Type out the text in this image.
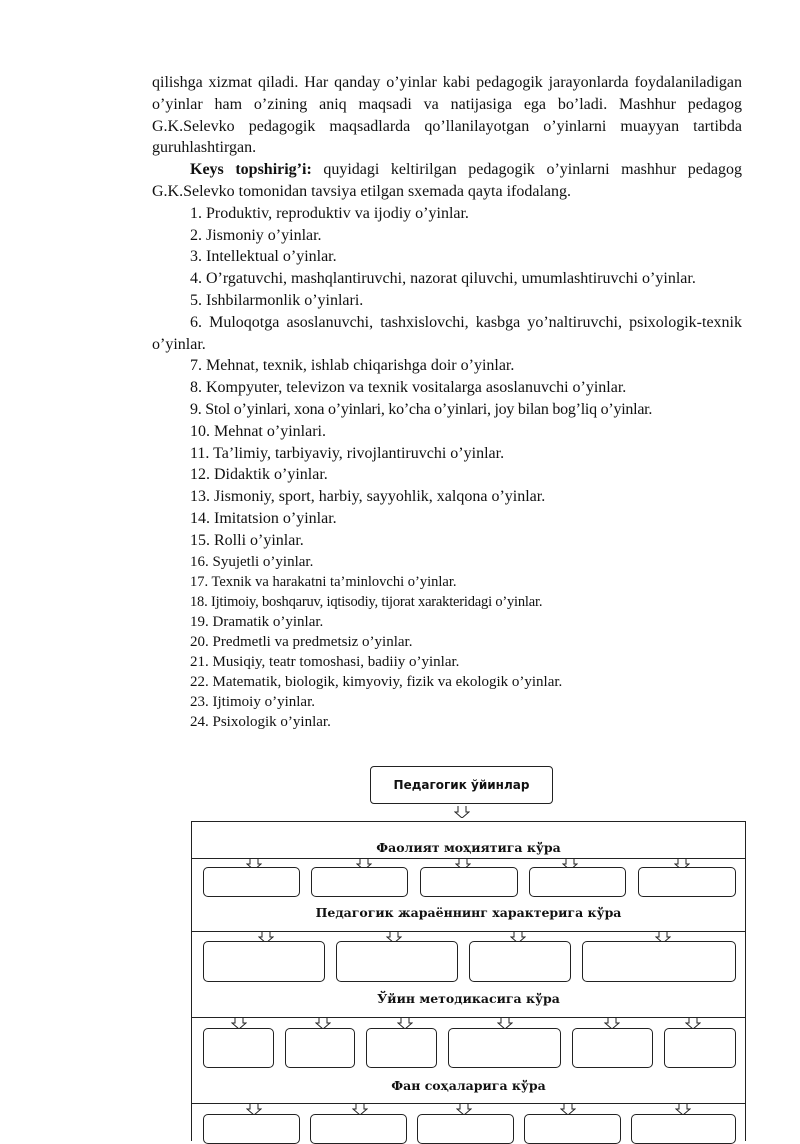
qilishga xizmat qiladi. Har qanday o’yinlar kabi pedagogik jarayonlarda foydalaniladigan o’yinlar ham o’zining aniq maqsadi va natijasiga ega bo’ladi. Mashhur pedagog G.K.Selevko pedagogik maqsadlarda qo’llanilayotgan o’yinlarni muayyan tartibda guruhlashtirgan.

Keys topshirig’i: quyidagi keltirilgan pedagogik o’yinlarni mashhur pedagog G.K.Selevko tomonidan tavsiya etilgan sxemada qayta ifodalang.

1. Produktiv, reproduktiv va ijodiy o’yinlar.

2. Jismoniy o’yinlar.

3. Intellektual o’yinlar.

4. O’rgatuvchi, mashqlantiruvchi, nazorat qiluvchi, umumlashtiruvchi o’yinlar.

5. Ishbilarmonlik o’yinlari.

6. Muloqotga asoslanuvchi, tashxislovchi, kasbga yo’naltiruvchi, psixologik-texnik o’yinlar.

7. Mehnat, texnik, ishlab chiqarishga doir o’yinlar.

8. Kompyuter, televizon va texnik vositalarga asoslanuvchi o’yinlar.

9. Stol o’yinlari, xona o’yinlari, ko’cha o’yinlari, joy bilan bog’liq o’yinlar.

10. Mehnat o’yinlari.

11. Ta’limiy, tarbiyaviy, rivojlantiruvchi o’yinlar.

12. Didaktik o’yinlar.

13. Jismoniy, sport, harbiy, sayyohlik, xalqona o’yinlar.

14. Imitatsion o’yinlar.

15. Rolli o’yinlar.

16. Syujetli o’yinlar.

17. Texnik va harakatni ta’minlovchi o’yinlar.

18. Ijtimoiy, boshqaruv, iqtisodiy, tijorat xarakteridagi o’yinlar.

19. Dramatik o’yinlar.

20. Predmetli va predmetsiz o’yinlar.

21. Musiqiy, teatr tomoshasi, badiiy o’yinlar.

22. Matematik, biologik, kimyoviy, fizik va ekologik o’yinlar.

23. Ijtimoiy o’yinlar.

24. Psixologik o’yinlar.

Педагогик ўйинлар
Фаолият моҳиятига кўра
Педагогик жараённинг характерига кўра
Ўйин методикасига кўра
Фан соҳаларига кўра
